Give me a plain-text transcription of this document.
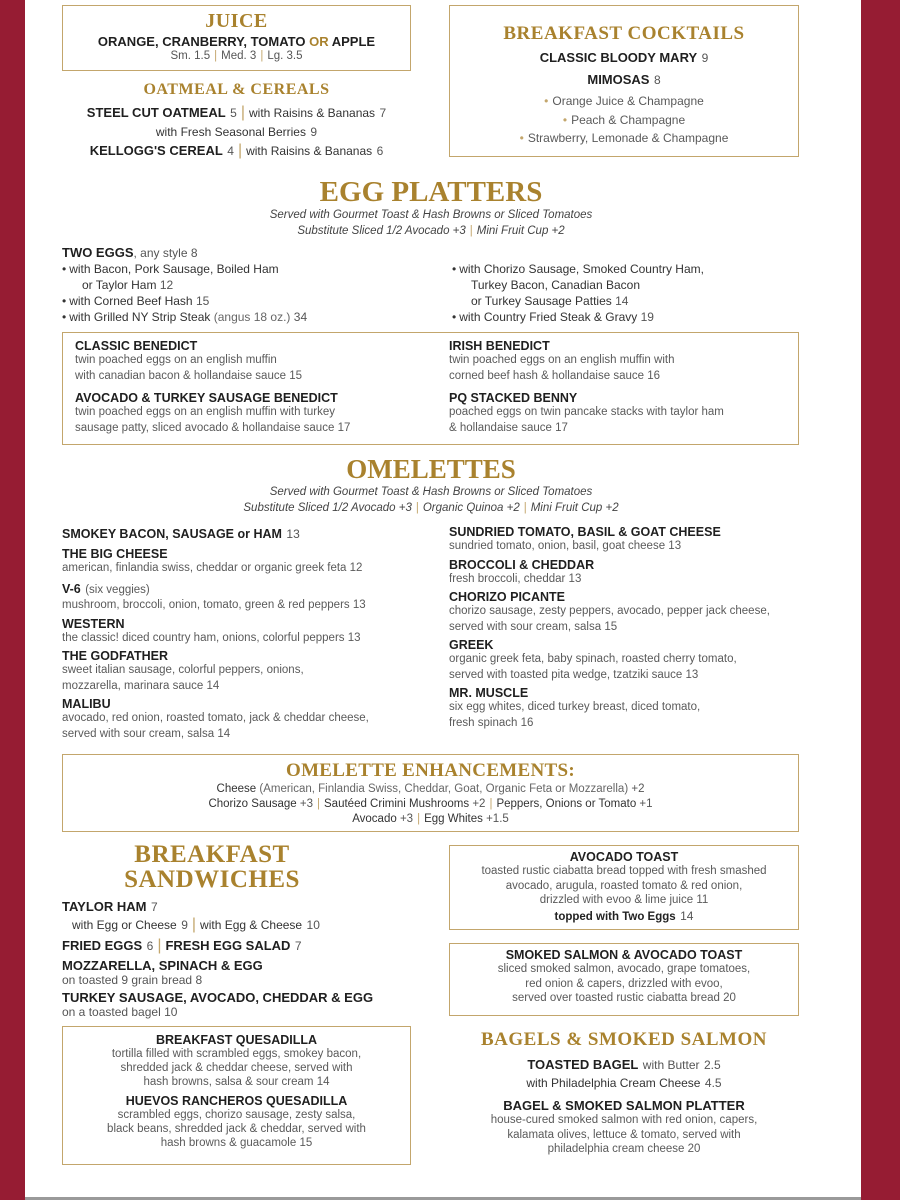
JUICE
ORANGE, CRANBERRY, TOMATO OR APPLE
Sm. 1.5 | Med. 3 | Lg. 3.5
OATMEAL & CEREALS
STEEL CUT OATMEAL 5 | with Raisins & Bananas 7
with Fresh Seasonal Berries 9
KELLOGG'S CEREAL 4 | with Raisins & Bananas 6
BREAKFAST COCKTAILS
CLASSIC BLOODY MARY 9
MIMOSAS 8
• Orange Juice & Champagne
• Peach & Champagne
• Strawberry, Lemonade & Champagne
EGG PLATTERS
Served with Gourmet Toast & Hash Browns or Sliced Tomatoes
Substitute Sliced 1/2 Avocado +3 | Mini Fruit Cup +2
TWO EGGS, any style 8
• with Bacon, Pork Sausage, Boiled Ham
or Taylor Ham 12
• with Corned Beef Hash 15
• with Grilled NY Strip Steak (angus 18 oz.) 34
• with Chorizo Sausage, Smoked Country Ham,
Turkey Bacon, Canadian Bacon
or Turkey Sausage Patties 14
• with Country Fried Steak & Gravy 19
CLASSIC BENEDICT
twin poached eggs on an english muffin
with canadian bacon & hollandaise sauce 15
IRISH BENEDICT
twin poached eggs on an english muffin with
corned beef hash & hollandaise sauce 16
AVOCADO & TURKEY SAUSAGE BENEDICT
twin poached eggs on an english muffin with turkey
sausage patty, sliced avocado & hollandaise sauce 17
PQ STACKED BENNY
poached eggs on twin pancake stacks with taylor ham
& hollandaise sauce 17
OMELETTES
Served with Gourmet Toast & Hash Browns or Sliced Tomatoes
Substitute Sliced 1/2 Avocado +3 | Organic Quinoa +2 | Mini Fruit Cup +2
SMOKEY BACON, SAUSAGE or HAM 13
THE BIG CHEESE
american, finlandia swiss, cheddar or organic greek feta 12
V-6 (six veggies)
mushroom, broccoli, onion, tomato, green & red peppers 13
WESTERN
the classic! diced country ham, onions, colorful peppers 13
THE GODFATHER
sweet italian sausage, colorful peppers, onions,
mozzarella, marinara sauce 14
MALIBU
avocado, red onion, roasted tomato, jack & cheddar cheese,
served with sour cream, salsa 14
SUNDRIED TOMATO, BASIL & GOAT CHEESE
sundried tomato, onion, basil, goat cheese 13
BROCCOLI & CHEDDAR
fresh broccoli, cheddar 13
CHORIZO PICANTE
chorizo sausage, zesty peppers, avocado, pepper jack cheese,
served with sour cream, salsa 15
GREEK
organic greek feta, baby spinach, roasted cherry tomato,
served with toasted pita wedge, tzatziki sauce 13
MR. MUSCLE
six egg whites, diced turkey breast, diced tomato,
fresh spinach 16
OMELETTE ENHANCEMENTS:
Cheese (American, Finlandia Swiss, Cheddar, Goat, Organic Feta or Mozzarella) +2
Chorizo Sausage +3 | Sautéed Crimini Mushrooms +2 | Peppers, Onions or Tomato +1
Avocado +3 | Egg Whites +1.5
BREAKFAST
SANDWICHES
TAYLOR HAM 7
with Egg or Cheese 9 | with Egg & Cheese 10
FRIED EGGS 6 | FRESH EGG SALAD 7
MOZZARELLA, SPINACH & EGG
on toasted 9 grain bread 8
TURKEY SAUSAGE, AVOCADO, CHEDDAR & EGG
on a toasted bagel 10
BREAKFAST QUESADILLA
tortilla filled with scrambled eggs, smokey bacon,
shredded jack & cheddar cheese, served with
hash browns, salsa & sour cream 14
HUEVOS RANCHEROS QUESADILLA
scrambled eggs, chorizo sausage, zesty salsa,
black beans, shredded jack & cheddar, served with
hash browns & guacamole 15
AVOCADO TOAST
toasted rustic ciabatta bread topped with fresh smashed
avocado, arugula, roasted tomato & red onion,
drizzled with evoo & lime juice 11
topped with Two Eggs 14
SMOKED SALMON & AVOCADO TOAST
sliced smoked salmon, avocado, grape tomatoes,
red onion & capers, drizzled with evoo,
served over toasted rustic ciabatta bread 20
BAGELS & SMOKED SALMON
TOASTED BAGEL with Butter 2.5
with Philadelphia Cream Cheese 4.5
BAGEL & SMOKED SALMON PLATTER
house-cured smoked salmon with red onion, capers,
kalamata olives, lettuce & tomato, served with
philadelphia cream cheese 20
